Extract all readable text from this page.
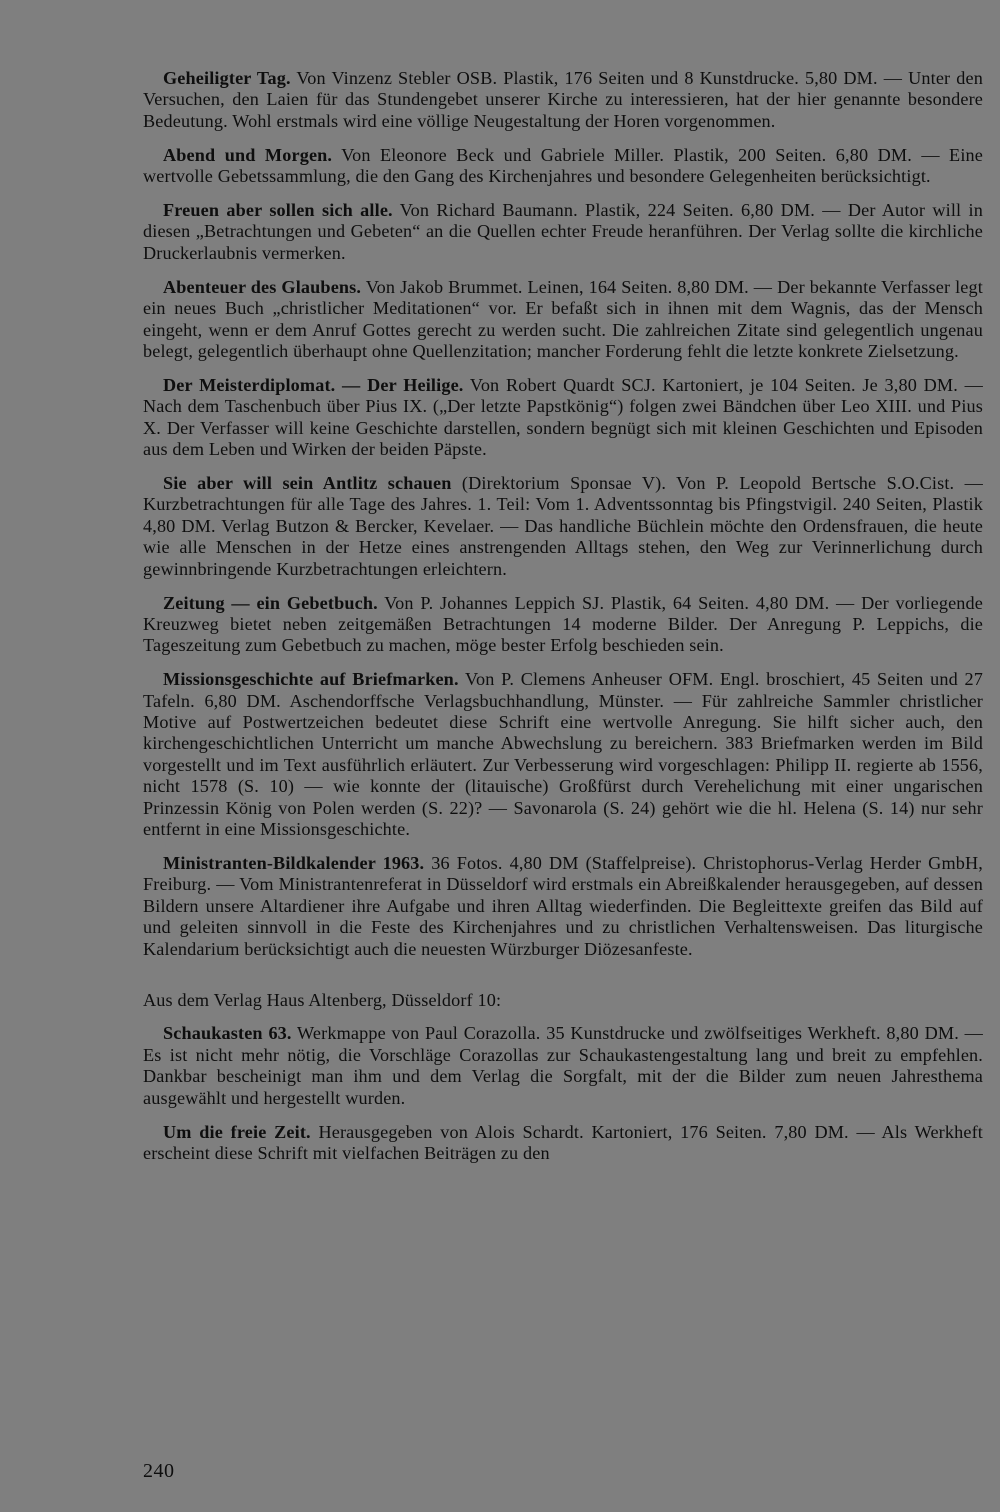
Geheiligter Tag. Von Vinzenz Stebler OSB. Plastik, 176 Seiten und 8 Kunstdrucke. 5,80 DM. — Unter den Versuchen, den Laien für das Stundengebet unserer Kirche zu interessieren, hat der hier genannte besondere Bedeutung. Wohl erstmals wird eine völlige Neugestaltung der Horen vorgenommen.

Abend und Morgen. Von Eleonore Beck und Gabriele Miller. Plastik, 200 Seiten. 6,80 DM. — Eine wertvolle Gebetssammlung, die den Gang des Kirchenjahres und besondere Gelegenheiten berücksichtigt.

Freuen aber sollen sich alle. Von Richard Baumann. Plastik, 224 Seiten. 6,80 DM. — Der Autor will in diesen „Betrachtungen und Gebeten“ an die Quellen echter Freude heranführen. Der Verlag sollte die kirchliche Druckerlaubnis vermerken.

Abenteuer des Glaubens. Von Jakob Brummet. Leinen, 164 Seiten. 8,80 DM. — Der bekannte Verfasser legt ein neues Buch „christlicher Meditationen“ vor. Er befaßt sich in ihnen mit dem Wagnis, das der Mensch eingeht, wenn er dem Anruf Gottes gerecht zu werden sucht. Die zahlreichen Zitate sind gelegentlich ungenau belegt, gelegentlich überhaupt ohne Quellenzitation; mancher Forderung fehlt die letzte konkrete Zielsetzung.

Der Meisterdiplomat. — Der Heilige. Von Robert Quardt SCJ. Kartoniert, je 104 Seiten. Je 3,80 DM. — Nach dem Taschenbuch über Pius IX. („Der letzte Papstkönig“) folgen zwei Bändchen über Leo XIII. und Pius X. Der Verfasser will keine Geschichte darstellen, sondern begnügt sich mit kleinen Geschichten und Episoden aus dem Leben und Wirken der beiden Päpste.

Sie aber will sein Antlitz schauen (Direktorium Sponsae V). Von P. Leopold Bertsche S.O.Cist. — Kurzbetrachtungen für alle Tage des Jahres. 1. Teil: Vom 1. Adventssonntag bis Pfingstvigil. 240 Seiten, Plastik 4,80 DM. Verlag Butzon & Bercker, Kevelaer. — Das handliche Büchlein möchte den Ordensfrauen, die heute wie alle Menschen in der Hetze eines anstrengenden Alltags stehen, den Weg zur Verinnerlichung durch gewinnbringende Kurzbetrachtungen erleichtern.

Zeitung — ein Gebetbuch. Von P. Johannes Leppich SJ. Plastik, 64 Seiten. 4,80 DM. — Der vorliegende Kreuzweg bietet neben zeitgemäßen Betrachtungen 14 moderne Bilder. Der Anregung P. Leppichs, die Tageszeitung zum Gebetbuch zu machen, möge bester Erfolg beschieden sein.

Missionsgeschichte auf Briefmarken. Von P. Clemens Anheuser OFM. Engl. broschiert, 45 Seiten und 27 Tafeln. 6,80 DM. Aschendorffsche Verlagsbuchhandlung, Münster. — Für zahlreiche Sammler christlicher Motive auf Postwertzeichen bedeutet diese Schrift eine wertvolle Anregung. Sie hilft sicher auch, den kirchengeschichtlichen Unterricht um manche Abwechslung zu bereichern. 383 Briefmarken werden im Bild vorgestellt und im Text ausführlich erläutert. Zur Verbesserung wird vorgeschlagen: Philipp II. regierte ab 1556, nicht 1578 (S. 10) — wie konnte der (litauische) Großfürst durch Verehelichung mit einer ungarischen Prinzessin König von Polen werden (S. 22)? — Savonarola (S. 24) gehört wie die hl. Helena (S. 14) nur sehr entfernt in eine Missionsgeschichte.

Ministranten-Bildkalender 1963. 36 Fotos. 4,80 DM (Staffelpreise). Christophorus-Verlag Herder GmbH, Freiburg. — Vom Ministrantenreferat in Düsseldorf wird erstmals ein Abreißkalender herausgegeben, auf dessen Bildern unsere Altardiener ihre Aufgabe und ihren Alltag wiederfinden. Die Begleittexte greifen das Bild auf und geleiten sinnvoll in die Feste des Kirchenjahres und zu christlichen Verhaltensweisen. Das liturgische Kalendarium berücksichtigt auch die neuesten Würzburger Diözesanfeste.

Aus dem Verlag Haus Altenberg, Düsseldorf 10:

Schaukasten 63. Werkmappe von Paul Corazolla. 35 Kunstdrucke und zwölfseitiges Werkheft. 8,80 DM. — Es ist nicht mehr nötig, die Vorschläge Corazollas zur Schaukastengestaltung lang und breit zu empfehlen. Dankbar bescheinigt man ihm und dem Verlag die Sorgfalt, mit der die Bilder zum neuen Jahresthema ausgewählt und hergestellt wurden.

Um die freie Zeit. Herausgegeben von Alois Schardt. Kartoniert, 176 Seiten. 7,80 DM. — Als Werkheft erscheint diese Schrift mit vielfachen Beiträgen zu den

240
